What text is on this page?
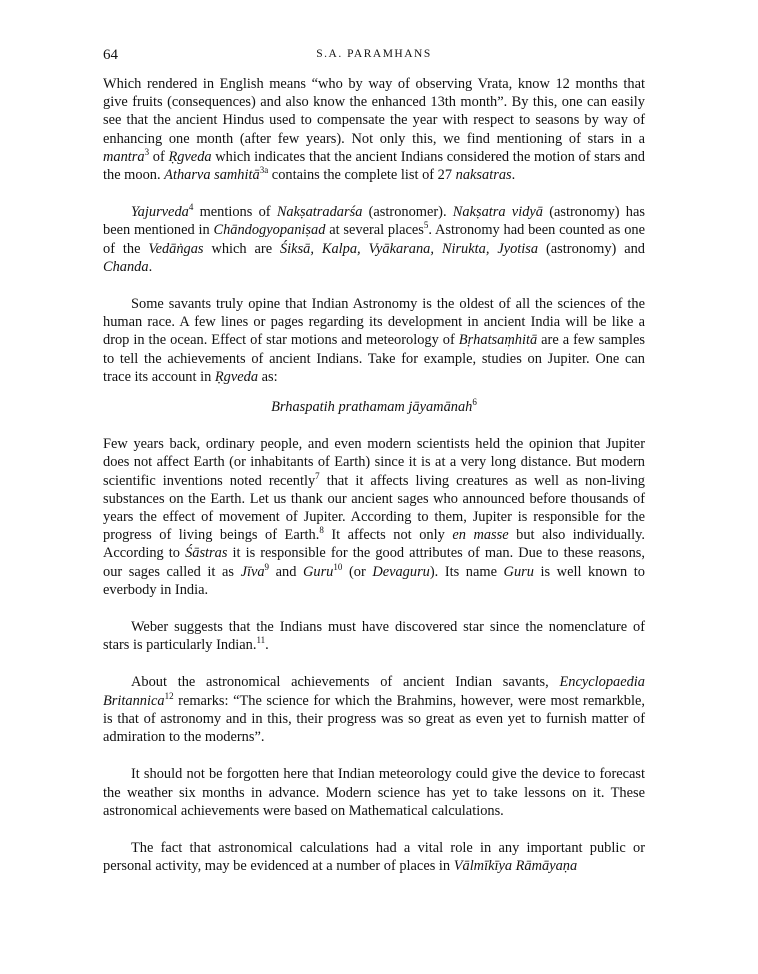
64	S.A. PARAMHANS

Which rendered in English means “who by way of observing Vrata, know 12 months that give fruits (consequences) and also know the enhanced 13th month”. By this, one can easily see that the ancient Hindus used to compensate the year with respect to seasons by way of enhancing one month (after few years). Not only this, we find mentioning of stars in a mantra$^3$ of Ṛgveda which indicates that the ancient Indians considered the motion of stars and the moon. Atharva samhitā$^{3a}$ contains the complete list of 27 naksatras.

Yajurveda$^4$ mentions of Nakṣatradarśa (astronomer). Nakṣatra vidyā (astronomy) has been mentioned in Chāndogyopaniṣad at several places$^5$. Astronomy had been counted as one of the Vedāṅgas which are Śiksā, Kalpa, Vyākarana, Nirukta, Jyotisa (astronomy) and Chanda.

Some savants truly opine that Indian Astronomy is the oldest of all the sciences of the human race. A few lines or pages regarding its development in ancient India will be like a drop in the ocean. Effect of star motions and meteorology of Bṛhatsaṃhitā are a few samples to tell the achievements of ancient Indians. Take for example, studies on Jupiter. One can trace its account in Ṛgveda as:

Brhaspatih prathamam jāyamānah$^6$

Few years back, ordinary people, and even modern scientists held the opinion that Jupiter does not affect Earth (or inhabitants of Earth) since it is at a very long distance. But modern scientific inventions noted recently$^7$ that it affects living creatures as well as non-living substances on the Earth. Let us thank our ancient sages who announced before thousands of years the effect of movement of Jupiter. According to them, Jupiter is responsible for the progress of living beings of Earth.$^8$ It affects not only en masse but also individually. According to Śāstras it is responsible for the good attributes of man. Due to these reasons, our sages called it as Jīva$^9$ and Guru$^{10}$ (or Devaguru). Its name Guru is well known to everbody in India.

Weber suggests that the Indians must have discovered star since the nomenclature of stars is particularly Indian.$^{11}$.

About the astronomical achievements of ancient Indian savants, Encyclopaedia Britannica$^{12}$ remarks: “The science for which the Brahmins, however, were most remarkble, is that of astronomy and in this, their progress was so great as even yet to furnish matter of admiration to the moderns”.

It should not be forgotten here that Indian meteorology could give the device to forecast the weather six months in advance. Modern science has yet to take lessons on it. These astronomical achievements were based on Mathematical calculations.

The fact that astronomical calculations had a vital role in any important public or personal activity, may be evidenced at a number of places in Vālmīkīya Rāmāyaṇa
